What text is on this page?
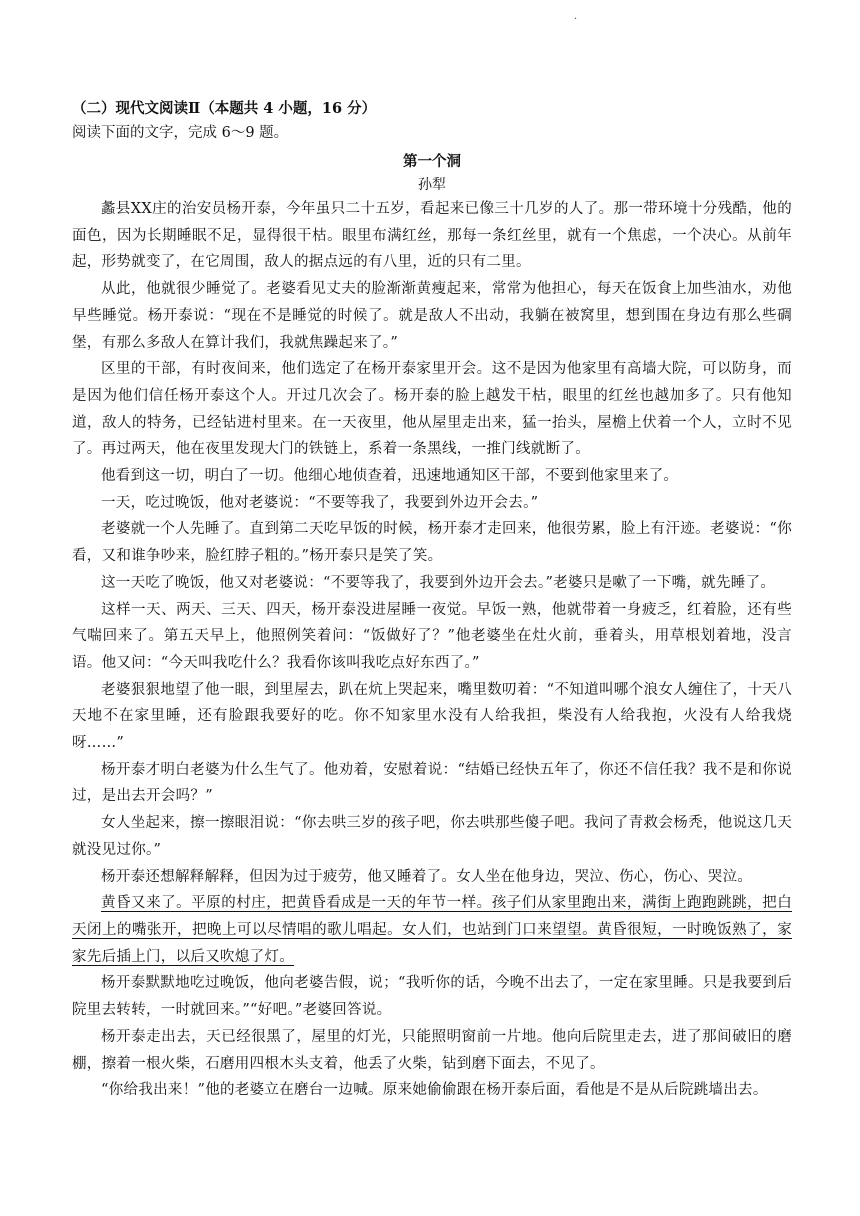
·
（二）现代文阅读Ⅱ（本题共 4 小题，16 分）
阅读下面的文字，完成 6～9 题。
第一个洞
孙犁

蠡县XX庄的治安员杨开泰，今年虽只二十五岁，看起来已像三十几岁的人了。那一带环境十分残酷，他的面色，因为长期睡眠不足，显得很干枯。眼里布满红丝，那每一条红丝里，就有一个焦虑，一个决心。从前年起，形势就变了，在它周围，敌人的据点远的有八里，近的只有二里。

从此，他就很少睡觉了。老婆看见丈夫的脸渐渐黄瘦起来，常常为他担心，每天在饭食上加些油水，劝他早些睡觉。杨开泰说：“现在不是睡觉的时候了。就是敌人不出动，我躺在被窝里，想到围在身边有那么些碉堡，有那么多敌人在算计我们，我就焦躁起来了。”

区里的干部，有时夜间来，他们选定了在杨开泰家里开会。这不是因为他家里有高墙大院，可以防身，而是因为他们信任杨开泰这个人。开过几次会了。杨开泰的脸上越发干枯，眼里的红丝也越加多了。只有他知道，敌人的特务，已经钻进村里来。在一天夜里，他从屋里走出来，猛一抬头，屋檐上伏着一个人，立时不见了。再过两天，他在夜里发现大门的铁链上，系着一条黑线，一推门线就断了。

他看到这一切，明白了一切。他细心地侦查着，迅速地通知区干部，不要到他家里来了。

一天，吃过晚饭，他对老婆说：“不要等我了，我要到外边开会去。”

老婆就一个人先睡了。直到第二天吃早饭的时候，杨开泰才走回来，他很劳累，脸上有汗迹。老婆说：“你看，又和谁争吵来，脸红脖子粗的。”杨开泰只是笑了笑。

这一天吃了晚饭，他又对老婆说：“不要等我了，我要到外边开会去。”老婆只是嗽了一下嘴，就先睡了。

这样一天、两天、三天、四天，杨开泰没进屋睡一夜觉。早饭一熟，他就带着一身疲乏，红着脸，还有些气喘回来了。第五天早上，他照例笑着问：“饭做好了？”他老婆坐在灶火前，垂着头，用草根划着地，没言语。他又问：“今天叫我吃什么？我看你该叫我吃点好东西了。”

老婆狠狠地望了他一眼，到里屋去，趴在炕上哭起来，嘴里数叨着：“不知道叫哪个浪女人缠住了，十天八天地不在家里睡，还有脸跟我要好的吃。你不知家里水没有人给我担，柴没有人给我抱，火没有人给我烧呀……”

杨开泰才明白老婆为什么生气了。他劝着，安慰着说：“结婚已经快五年了，你还不信任我？我不是和你说过，是出去开会吗？”

女人坐起来，擦一擦眼泪说：“你去哄三岁的孩子吧，你去哄那些傻子吧。我问了青救会杨秃，他说这几天就没见过你。”

杨开泰还想解释解释，但因为过于疲劳，他又睡着了。女人坐在他身边，哭泣、伤心，伤心、哭泣。

黄昏又来了。平原的村庄，把黄昏看成是一天的年节一样。孩子们从家里跑出来，满街上跑跑跳跳，把白天闭上的嘴张开，把晚上可以尽情唱的歌儿唱起。女人们，也站到门口来望望。黄昏很短，一时晚饭熟了，家家先后插上门，以后又吹熄了灯。

杨开泰默默地吃过晚饭，他向老婆告假，说；“我听你的话，今晚不出去了，一定在家里睡。只是我要到后院里去转转，一时就回来。”“好吧。”老婆回答说。

杨开泰走出去，天已经很黑了，屋里的灯光，只能照明窗前一片地。他向后院里走去，进了那间破旧的磨棚，擦着一根火柴，石磨用四根木头支着，他丢了火柴，钻到磨下面去，不见了。

“你给我出来！”他的老婆立在磨台一边喊。原来她偷偷跟在杨开泰后面，看他是不是从后院跳墙出去。
